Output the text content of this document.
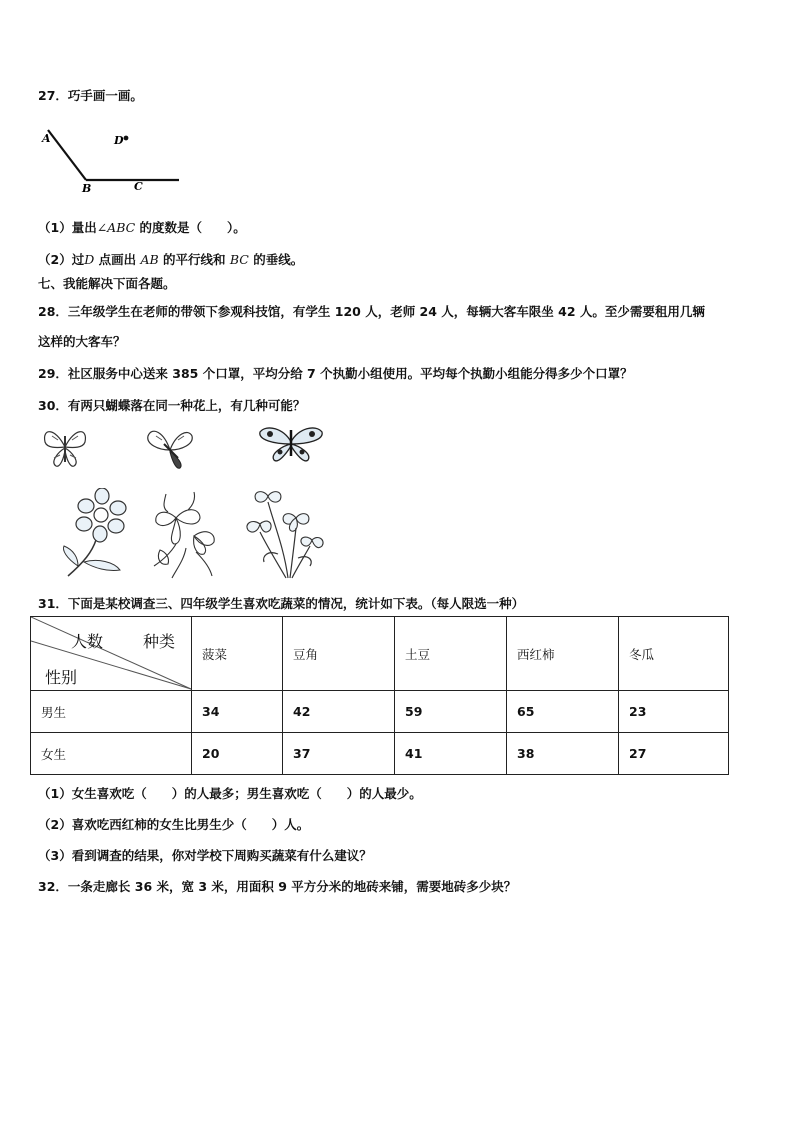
27．巧手画一画。
A
B	C
D
（1）量出∠ABC 的度数是（　　）。
（2）过D 点画出 AB 的平行线和 BC 的垂线。
七、我能解决下面各题。
28．三年级学生在老师的带领下参观科技馆，有学生 120 人，老师 24 人，每辆大客车限坐 42 人。至少需要租用几辆
这样的大客车？
29．社区服务中心送来 385 个口罩，平均分给 7 个执勤小组使用。平均每个执勤小组能分得多少个口罩？
30．有两只蝴蝶落在同一种花上，有几种可能？
31．下面是某校调查三、四年级学生喜欢吃蔬菜的情况，统计如下表。（每人限选一种）
人数 种类
性别	菠菜	豆角	土豆	西红柿	冬瓜
男生	34	42	59	65	23
女生	20	37	41	38	27
（1）女生喜欢吃（　　）的人最多；男生喜欢吃（　　）的人最少。
（2）喜欢吃西红柿的女生比男生少（　　）人。
（3）看到调查的结果，你对学校下周购买蔬菜有什么建议？
32．一条走廊长 36 米，宽 3 米，用面积 9 平方分米的地砖来铺，需要地砖多少块？
